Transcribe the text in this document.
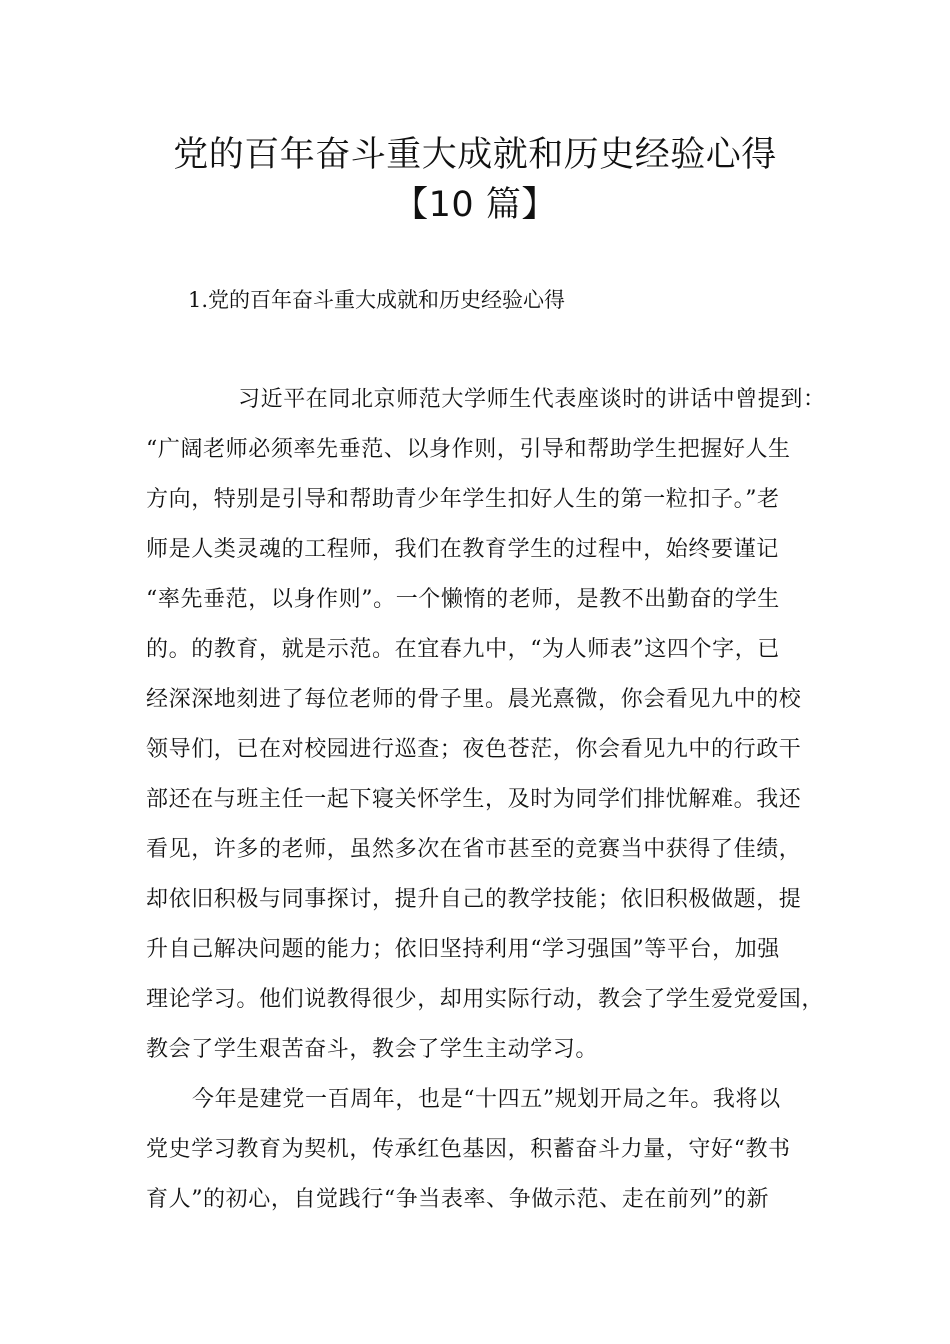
党的百年奋斗重大成就和历史经验心得
【10 篇】
1.党的百年奋斗重大成就和历史经验心得
习近平在同北京师范大学师生代表座谈时的讲话中曾提到：
“广阔老师必须率先垂范、以身作则，引导和帮助学生把握好人生
方向，特别是引导和帮助青少年学生扣好人生的第一粒扣子。”老
师是人类灵魂的工程师，我们在教育学生的过程中，始终要谨记
“率先垂范，以身作则”。一个懒惰的老师，是教不出勤奋的学生
的。的教育，就是示范。在宜春九中，“为人师表”这四个字，已
经深深地刻进了每位老师的骨子里。晨光熹微，你会看见九中的校
领导们，已在对校园进行巡查；夜色苍茫，你会看见九中的行政干
部还在与班主任一起下寝关怀学生，及时为同学们排忧解难。我还
看见，许多的老师，虽然多次在省市甚至的竞赛当中获得了佳绩，
却依旧积极与同事探讨，提升自己的教学技能；依旧积极做题，提
升自己解决问题的能力；依旧坚持利用“学习强国”等平台，加强
理论学习。他们说教得很少，却用实际行动，教会了学生爱党爱国，
教会了学生艰苦奋斗，教会了学生主动学习。
今年是建党一百周年，也是“十四五”规划开局之年。我将以
党史学习教育为契机，传承红色基因，积蓄奋斗力量，守好“教书
育人”的初心，自觉践行“争当表率、争做示范、走在前列”的新
